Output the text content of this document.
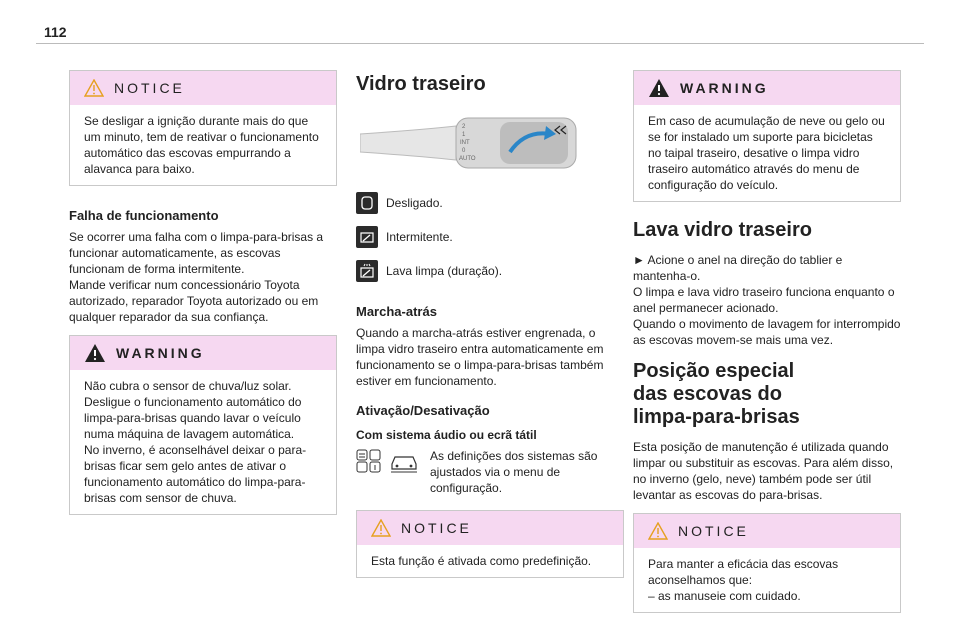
112
NOTICE
Se desligar a ignição durante mais do que um minuto, tem de reativar o funcionamento automático das escovas empurrando a alavanca para baixo.
Falha de funcionamento
Se ocorrer uma falha com o limpa-para-brisas a funcionar automaticamente, as escovas funcionam de forma intermitente.
Mande verificar num concessionário Toyota autorizado, reparador Toyota autorizado ou em qualquer reparador da sua confiança.
WARNING
Não cubra o sensor de chuva/luz solar.
Desligue o funcionamento automático do limpa-para-brisas quando lavar o veículo numa máquina de lavagem automática.
No inverno, é aconselhável deixar o para-brisas ficar sem gelo antes de ativar o funcionamento automático do limpa-para-brisas com sensor de chuva.
Vidro traseiro
2
1
INT
0
AUTO
Desligado.
Intermitente.
Lava limpa (duração).
Marcha-atrás
Quando a marcha-atrás estiver engrenada, o limpa vidro traseiro entra automaticamente em funcionamento se o limpa-para-brisas também estiver em funcionamento.
Ativação/Desativação
Com sistema áudio ou ecrã tátil
As definições dos sistemas são ajustados via o menu de configuração.
NOTICE
Esta função é ativada como predefinição.
WARNING
Em caso de acumulação de neve ou gelo ou se for instalado um suporte para bicicletas no taipal traseiro, desative o limpa vidro traseiro automático através do menu de configuração do veículo.
Lava vidro traseiro
► Acione o anel na direção do tablier e mantenha-o.
O limpa e lava vidro traseiro funciona enquanto o anel permanecer acionado.
Quando o movimento de lavagem for interrompido as escovas movem-se mais uma vez.
Posição especial
das escovas do
limpa-para-brisas
Esta posição de manutenção é utilizada quando limpar ou substituir as escovas. Para além disso, no inverno (gelo, neve) também pode ser útil levantar as escovas do para-brisas.
NOTICE
Para manter a eficácia das escovas aconselhamos que:
– as manuseie com cuidado.
